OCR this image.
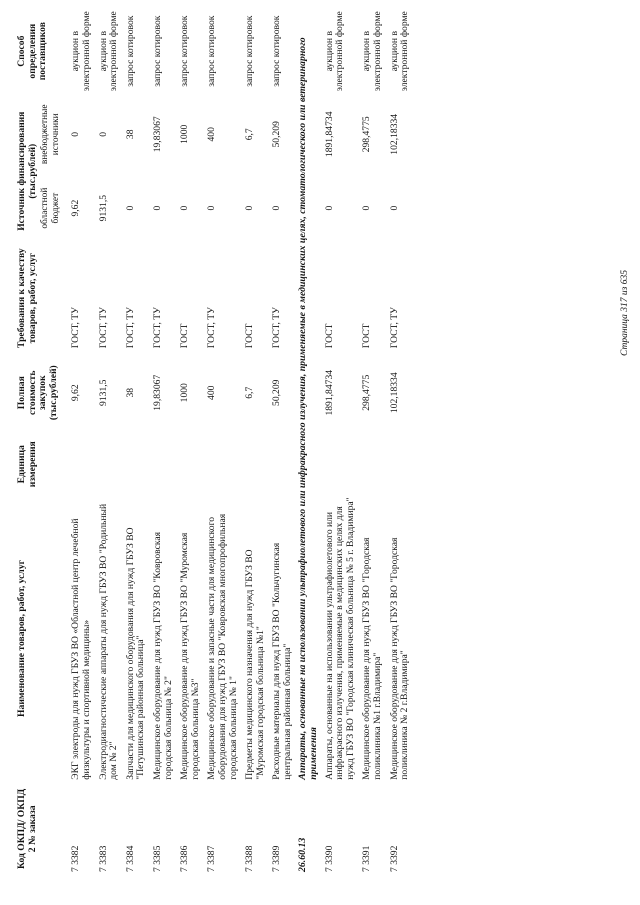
Код ОКПД/ ОКПД 2 № заказа	Наименование товаров, работ, услуг	Единица измерения	Полная стоимость закупок (тыс.рублей)	Требования к качеству товаров, работ, услуг	Источник финансирования (тыс.рублей)		Способ определения поставщиков
					областной бюджет	внебюджетные источники	

7 3382	ЭКГ электроды для нужд ГБУЗ ВО «Областной центр лечебной физкультуры и спортивной медицины»		9,62	ГОСТ, ТУ	9,62	0	аукцион в электронной форме
7 3383	Электродиагностические аппараты для нужд ГБУЗ ВО "Родильный дом № 2"		9131,5	ГОСТ, ТУ	9131,5	0	аукцион в электронной форме
7 3384	Запчасти для медицинского оборудования для нужд ГБУЗ ВО "Петушинская районная больница"		38	ГОСТ, ТУ	0	38	запрос котировок
7 3385	Медицинское оборудование для нужд ГБУЗ ВО "Ковровская городская больница № 2"		19,83067	ГОСТ, ТУ	0	19,83067	запрос котировок
7 3386	Медицинское оборудование для нужд ГБУЗ ВО "Муромская городская больница №3"		1000	ГОСТ	0	1000	запрос котировок
7 3387	Медицинское оборудование и запасные части для медицинского оборудования для нужд ГБУЗ ВО "Ковровская многопрофильная городская больница № 1"		400	ГОСТ, ТУ	0	400	запрос котировок
7 3388	Предметы медицинского назначения для нужд ГБУЗ ВО "Муромская городская больница №1"		6,7	ГОСТ	0	6,7	запрос котировок
7 3389	Расходные материалы для нужд ГБУЗ ВО "Кольчугинская центральная районная больница"		50,209	ГОСТ, ТУ	0	50,209	запрос котировок
26.60.13	Аппараты, основанные на использовании ультрафиолетового или инфракрасного излучения, применяемые в медицинских целях, стоматологического или ветеринарного применения						
7 3390	Аппараты, основанные на использовании ультрафиолетового или инфракрасного излучения, применяемые в медицинских целях для нужд ГБУЗ ВО "Городская клиническая больница № 5 г. Владимира"		1891,84734	ГОСТ	0	1891,84734	аукцион в электронной форме
7 3391	Медицинское оборудование для нужд ГБУЗ ВО "Городская поликлиника №1 г.Владимира"		298,4775	ГОСТ	0	298,4775	аукцион в электронной форме
7 3392	Медицинское оборудование для нужд ГБУЗ ВО "Городская поликлиника № 2 г.Владимира"		102,18334	ГОСТ, ТУ	0	102,18334	аукцион в электронной форме
Страница 317 из 635
